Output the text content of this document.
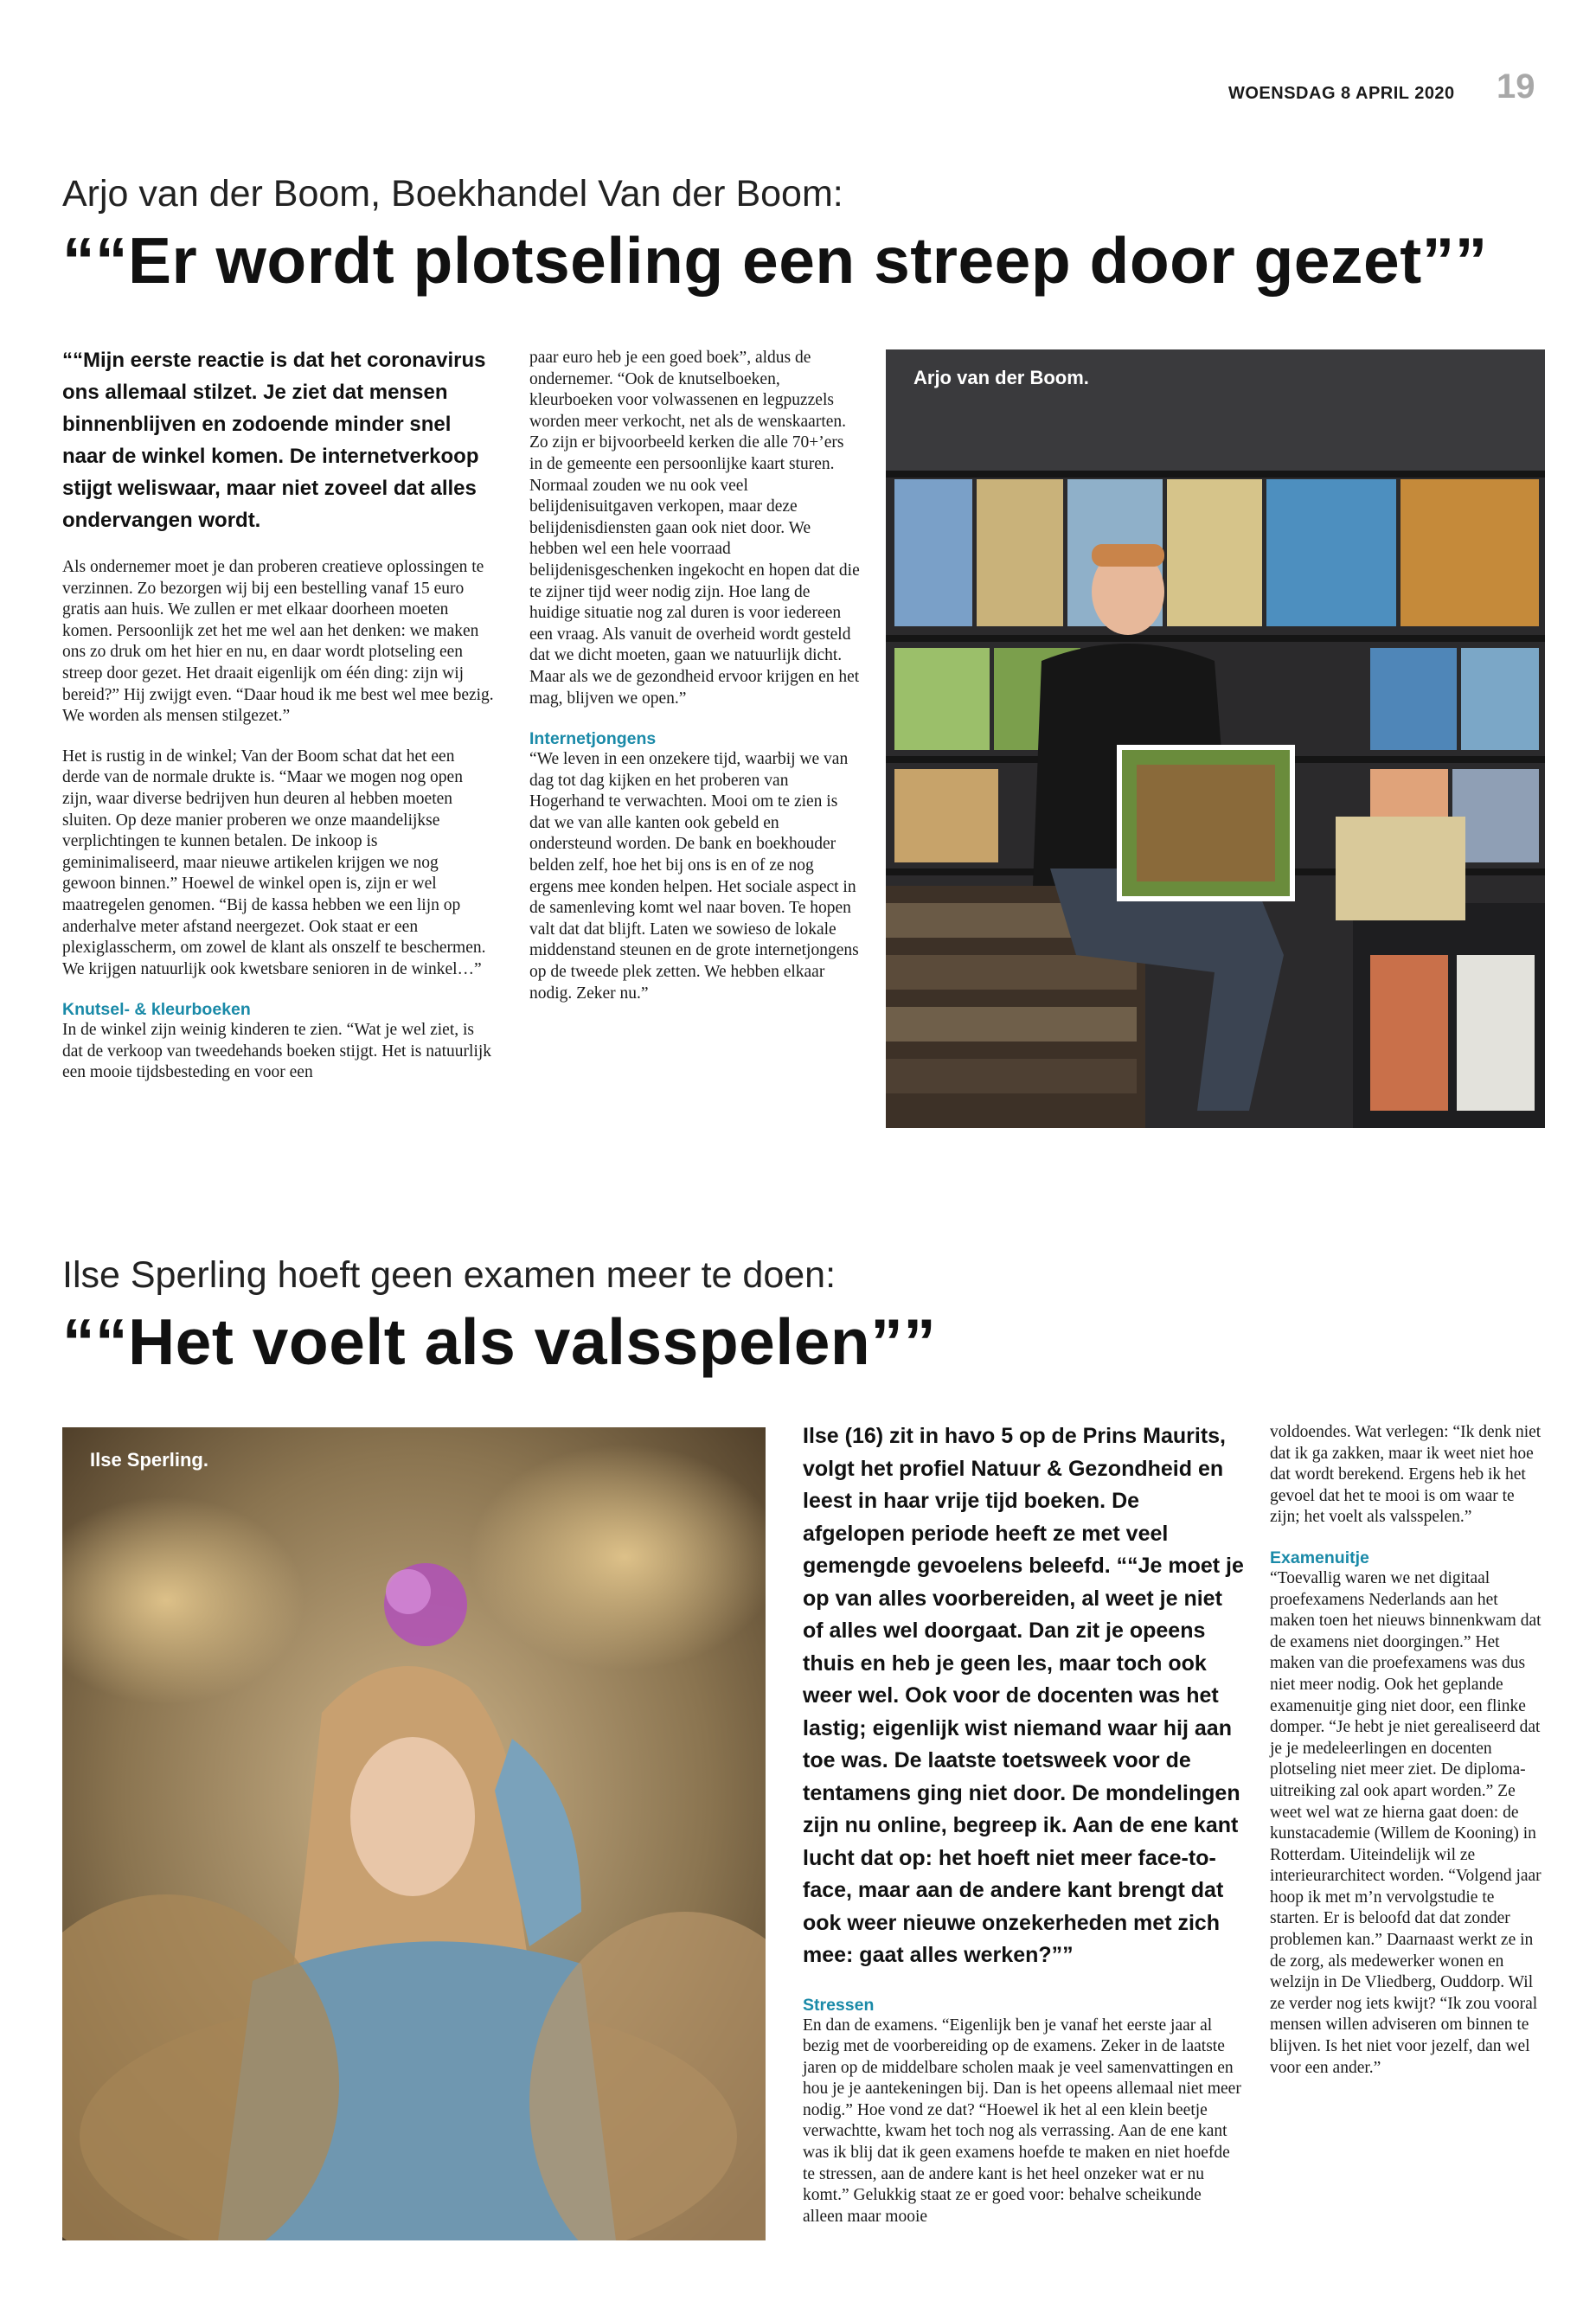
WOENSDAG 8 APRIL 2020 19
Arjo van der Boom, Boekhandel Van der Boom:
““Er wordt plotseling een streep door gezet””

““Mijn eerste reactie is dat het coronavirus ons allemaal stilzet. Je ziet dat mensen binnenblijven en zodoende minder snel naar de winkel komen. De internetverkoop stijgt weliswaar, maar niet zoveel dat alles ondervangen wordt.

Als ondernemer moet je dan proberen creatieve oplossingen te verzinnen. Zo bezorgen wij bij een bestelling vanaf 15 euro gratis aan huis. We zullen er met elkaar doorheen moeten komen. Persoonlijk zet het me wel aan het denken: we maken ons zo druk om het hier en nu, en daar wordt plotseling een streep door gezet. Het draait eigenlijk om één ding: zijn wij bereid?” Hij zwijgt even. “Daar houd ik me best wel mee bezig. We worden als mensen stilgezet.”

Het is rustig in de winkel; Van der Boom schat dat het een derde van de normale drukte is. “Maar we mogen nog open zijn, waar diverse bedrijven hun deuren al hebben moeten sluiten. Op deze manier proberen we onze maandelijkse verplichtingen te kunnen betalen. De inkoop is geminimaliseerd, maar nieuwe artikelen krijgen we nog gewoon binnen.” Hoewel de winkel open is, zijn er wel maatregelen genomen. “Bij de kassa hebben we een lijn op anderhalve meter afstand neergezet. Ook staat er een plexiglasscherm, om zowel de klant als onszelf te beschermen. We krijgen natuurlijk ook kwetsbare senioren in de winkel…”

Knutsel- & kleurboeken

In de winkel zijn weinig kinderen te zien. “Wat je wel ziet, is dat de verkoop van tweedehands boeken stijgt. Het is natuurlijk een mooie tijdsbesteding en voor een

paar euro heb je een goed boek”, aldus de ondernemer. “Ook de knutselboeken, kleurboeken voor volwassenen en legpuzzels worden meer verkocht, net als de wenskaarten. Zo zijn er bijvoorbeeld kerken die alle 70+’ers in de gemeente een persoonlijke kaart sturen. Normaal zouden we nu ook veel belijdenisuitgaven verkopen, maar deze belijdenisdiensten gaan ook niet door. We hebben wel een hele voorraad belijdenisgeschenken ingekocht en hopen dat die te zijner tijd weer nodig zijn. Hoe lang de huidige situatie nog zal duren is voor iedereen een vraag. Als vanuit de overheid wordt gesteld dat we dicht moeten, gaan we natuurlijk dicht. Maar als we de gezondheid ervoor krijgen en het mag, blijven we open.”

Internetjongens

“We leven in een onzekere tijd, waarbij we van dag tot dag kijken en het proberen van Hogerhand te verwachten. Mooi om te zien is dat we van alle kanten ook gebeld en ondersteund worden. De bank en boekhouder belden zelf, hoe het bij ons is en of ze nog ergens mee konden helpen. Het sociale aspect in de samenleving komt wel naar boven. Te hopen valt dat dat blijft. Laten we sowieso de lokale middenstand steunen en de grote internetjongens op de tweede plek zetten. We hebben elkaar nodig. Zeker nu.”

Arjo van der Boom.
Ilse Sperling hoeft geen examen meer te doen:
““Het voelt als valsspelen””
Ilse Sperling.

Ilse (16) zit in havo 5 op de Prins Maurits, volgt het profiel Natuur & Gezondheid en leest in haar vrije tijd boeken. De afgelopen periode heeft ze met veel gemengde gevoelens beleefd. ““Je moet je op van alles voorbereiden, al weet je niet of alles wel doorgaat. Dan zit je opeens thuis en heb je geen les, maar toch ook weer wel. Ook voor de docenten was het lastig; eigenlijk wist niemand waar hij aan toe was. De laatste toetsweek voor de tentamens ging niet door. De mondelingen zijn nu online, begreep ik. Aan de ene kant lucht dat op: het hoeft niet meer face-to-face, maar aan de andere kant brengt dat ook weer nieuwe onzekerheden met zich mee: gaat alles werken?””

Stressen

En dan de examens. “Eigenlijk ben je vanaf het eerste jaar al bezig met de voorbereiding op de examens. Zeker in de laatste jaren op de middelbare scholen maak je veel samenvattingen en hou je je aantekeningen bij. Dan is het opeens allemaal niet meer nodig.” Hoe vond ze dat? “Hoewel ik het al een klein beetje verwachtte, kwam het toch nog als verrassing. Aan de ene kant was ik blij dat ik geen examens hoefde te maken en niet hoefde te stressen, aan de andere kant is het heel onzeker wat er nu komt.” Gelukkig staat ze er goed voor: behalve scheikunde alleen maar mooie

voldoendes. Wat verlegen: “Ik denk niet dat ik ga zakken, maar ik weet niet hoe dat wordt berekend. Ergens heb ik het gevoel dat het te mooi is om waar te zijn; het voelt als valsspelen.”

Examenuitje

“Toevallig waren we net digitaal proefexamens Nederlands aan het maken toen het nieuws binnenkwam dat de examens niet doorgingen.” Het maken van die proefexamens was dus niet meer nodig. Ook het geplande examenuitje ging niet door, een flinke domper. “Je hebt je niet gerealiseerd dat je je medeleerlingen en docenten plotseling niet meer ziet. De diploma-uitreiking zal ook apart worden.” Ze weet wel wat ze hierna gaat doen: de kunstacademie (Willem de Kooning) in Rotterdam. Uiteindelijk wil ze interieurarchitect worden. “Volgend jaar hoop ik met m’n vervolgstudie te starten. Er is beloofd dat dat zonder problemen kan.” Daarnaast werkt ze in de zorg, als medewerker wonen en welzijn in De Vliedberg, Ouddorp. Wil ze verder nog iets kwijt? “Ik zou vooral mensen willen adviseren om binnen te blijven. Is het niet voor jezelf, dan wel voor een ander.”
